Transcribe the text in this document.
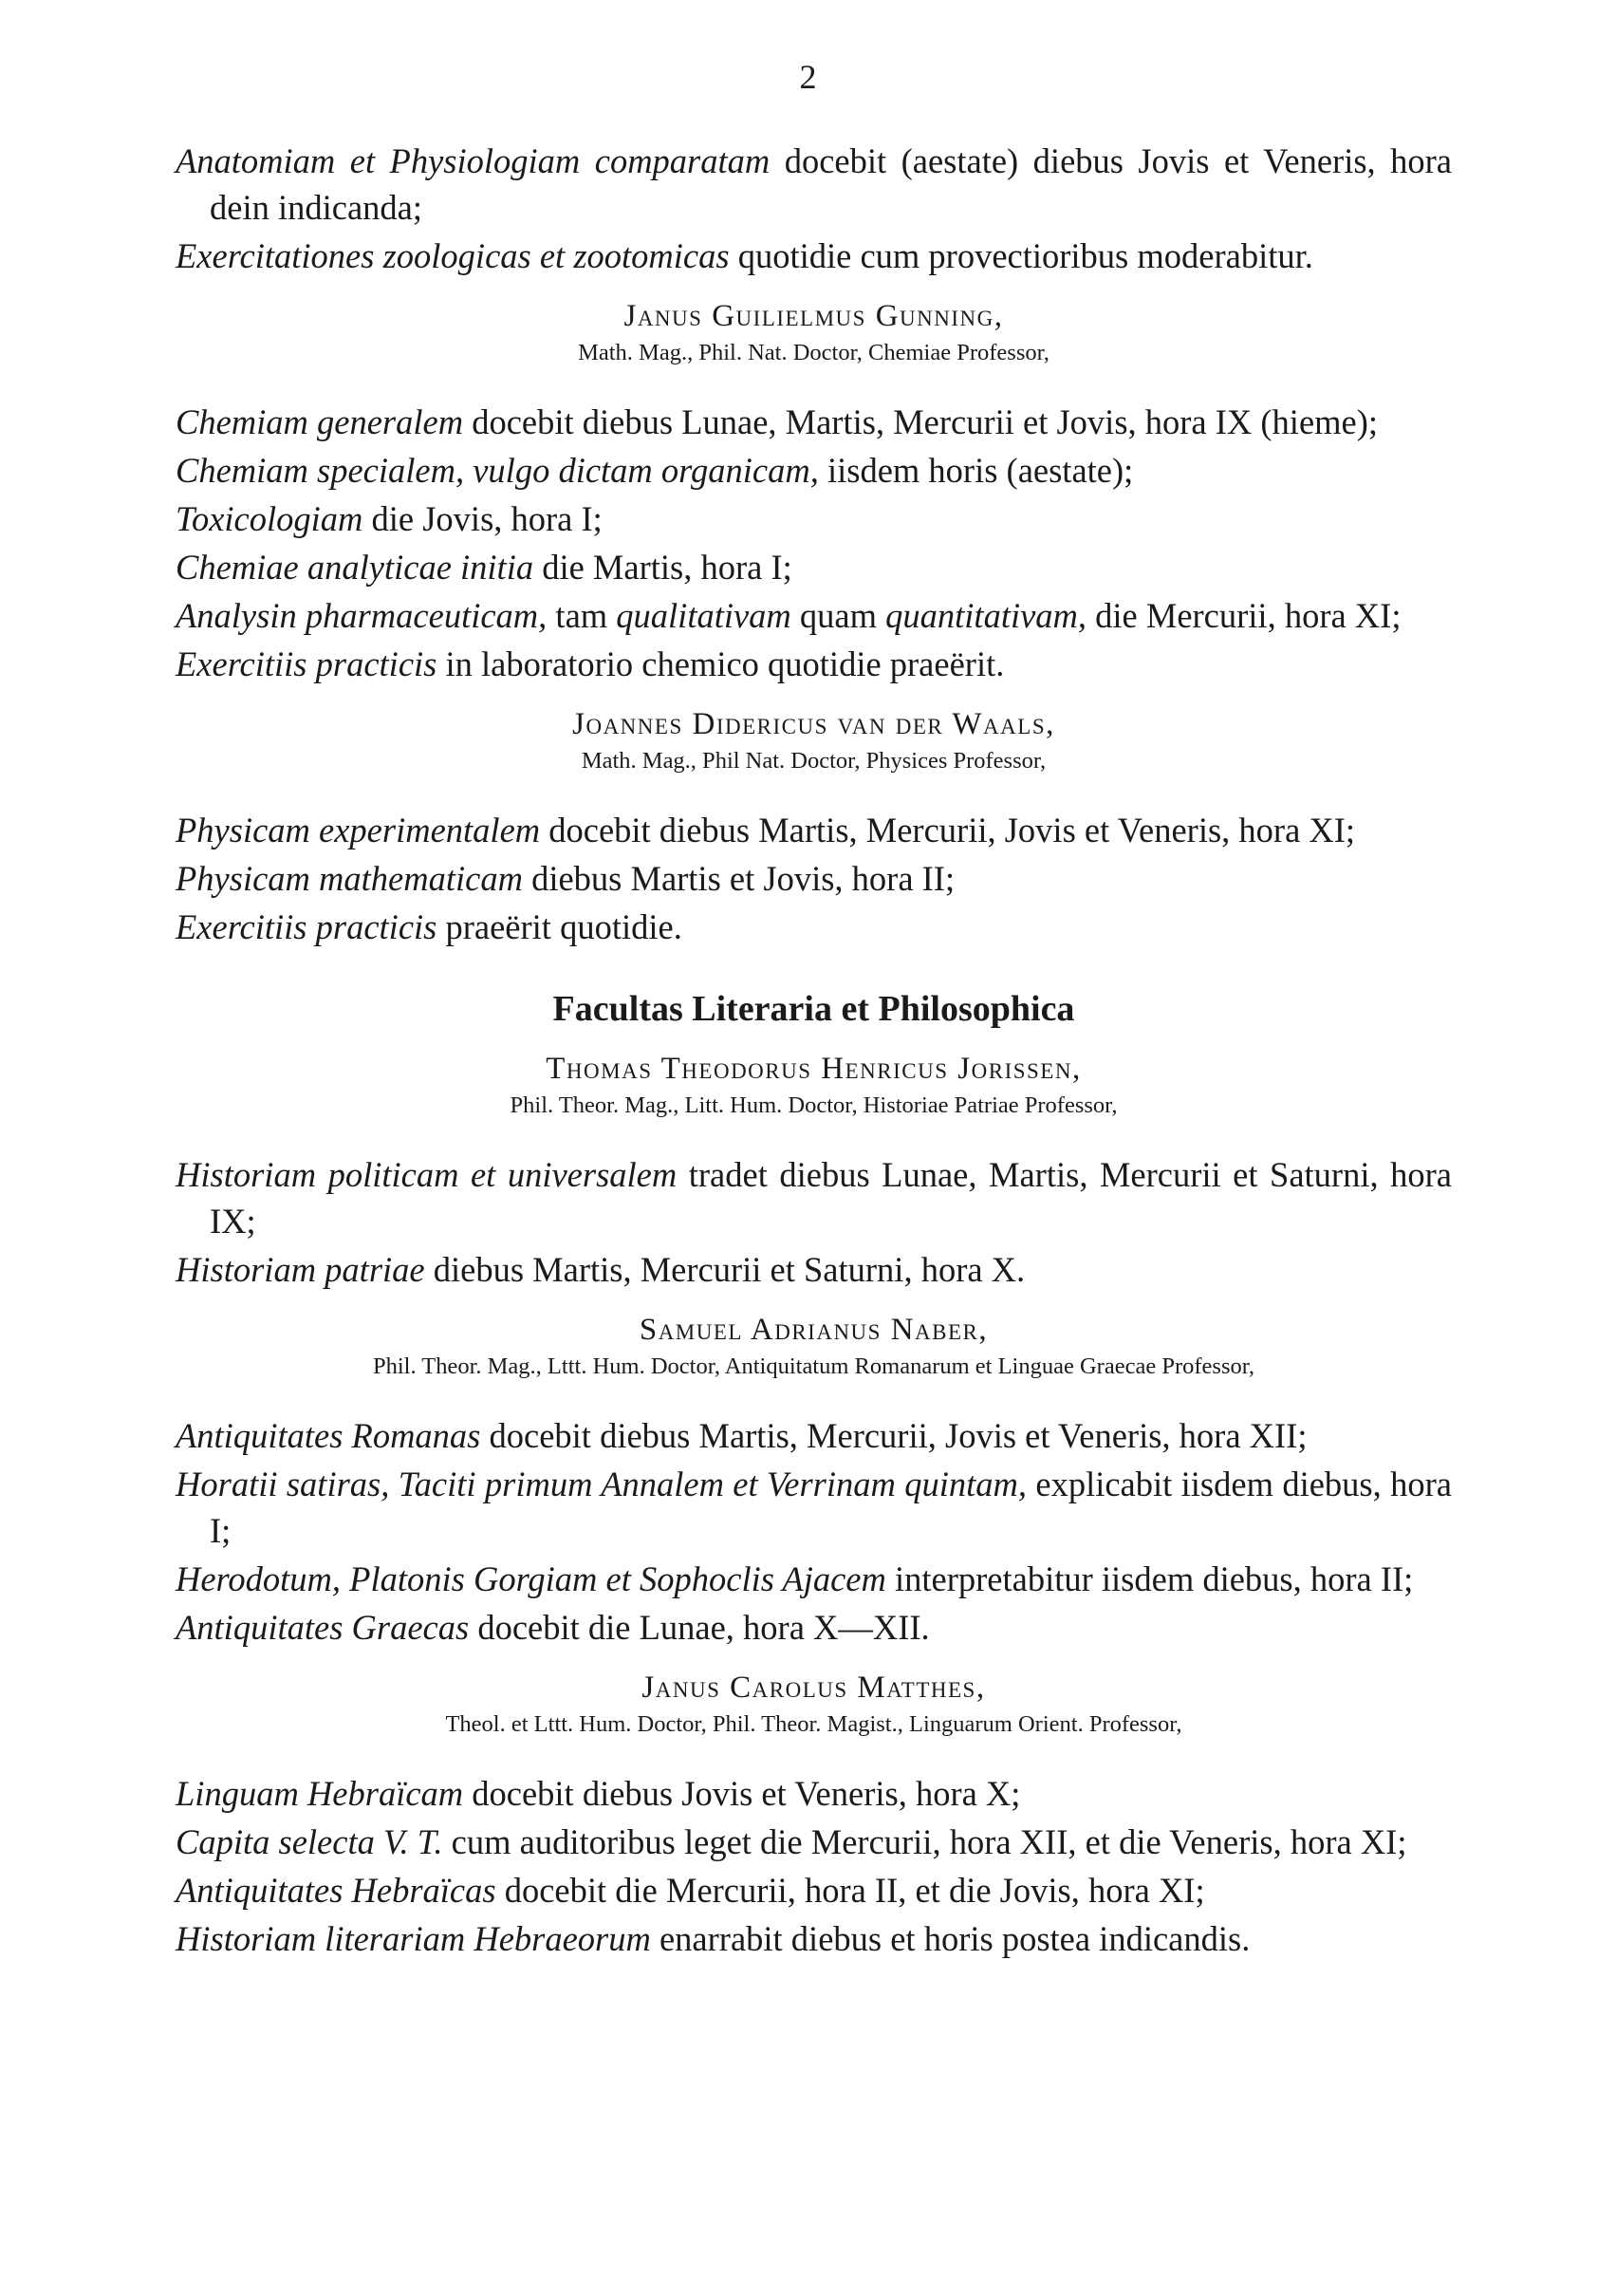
2

Anatomiam et Physiologiam comparatam docebit (aestate) diebus Jovis et Veneris, hora dein indicanda;

Exercitationes zoologicas et zootomicas quotidie cum provectioribus moderabitur.

Janus Guilielmus Gunning,
Math. Mag., Phil. Nat. Doctor, Chemiae Professor,

Chemiam generalem docebit diebus Lunae, Martis, Mercurii et Jovis, hora IX (hieme);

Chemiam specialem, vulgo dictam organicam, iisdem horis (aestate);

Toxicologiam die Jovis, hora I;

Chemiae analyticae initia die Martis, hora I;

Analysin pharmaceuticam, tam qualitativam quam quantitativam, die Mercurii, hora XI;

Exercitiis practicis in laboratorio chemico quotidie praeërit.

Joannes Didericus van der Waals,
Math. Mag., Phil Nat. Doctor, Physices Professor,

Physicam experimentalem docebit diebus Martis, Mercurii, Jovis et Veneris, hora XI;

Physicam mathematicam diebus Martis et Jovis, hora II;

Exercitiis practicis praeërit quotidie.

Facultas Literaria et Philosophica
Thomas Theodorus Henricus Jorissen,
Phil. Theor. Mag., Litt. Hum. Doctor, Historiae Patriae Professor,

Historiam politicam et universalem tradet diebus Lunae, Martis, Mercurii et Saturni, hora IX;

Historiam patriae diebus Martis, Mercurii et Saturni, hora X.

Samuel Adrianus Naber,
Phil. Theor. Mag., Lttt. Hum. Doctor, Antiquitatum Romanarum et Linguae Graecae Professor,

Antiquitates Romanas docebit diebus Martis, Mercurii, Jovis et Veneris, hora XII;

Horatii satiras, Taciti primum Annalem et Verrinam quintam, explicabit iisdem diebus, hora I;

Herodotum, Platonis Gorgiam et Sophoclis Ajacem interpretabitur iisdem diebus, hora II;

Antiquitates Graecas docebit die Lunae, hora X—XII.

Janus Carolus Matthes,
Theol. et Lttt. Hum. Doctor, Phil. Theor. Magist., Linguarum Orient. Professor,

Linguam Hebraïcam docebit diebus Jovis et Veneris, hora X;

Capita selecta V. T. cum auditoribus leget die Mercurii, hora XII, et die Veneris, hora XI;

Antiquitates Hebraïcas docebit die Mercurii, hora II, et die Jovis, hora XI;

Historiam literariam Hebraeorum enarrabit diebus et horis postea indicandis.
